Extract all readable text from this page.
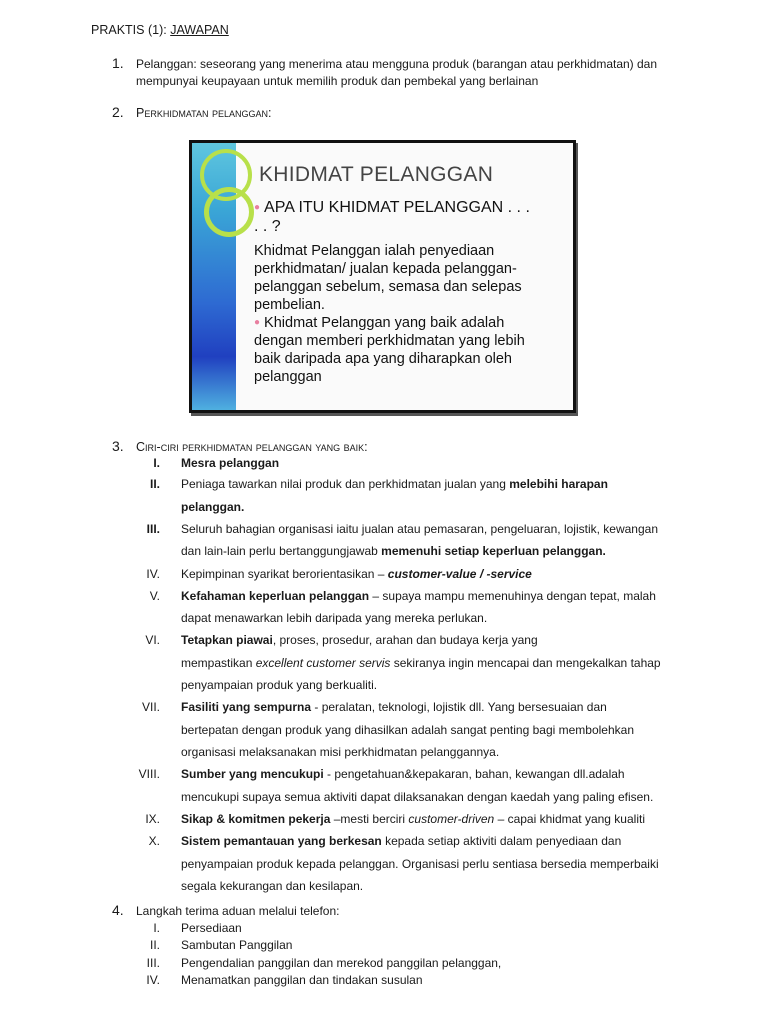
PRAKTIS (1): JAWAPAN
1. Pelanggan: seseorang yang menerima atau mengguna produk (barangan atau perkhidmatan) dan
mempunyai keupayaan untuk memilih produk dan pembekal yang berlainan
2. Perkhidmatan pelanggan:
KHIDMAT PELANGGAN

● APA ITU KHIDMAT PELANGGAN . . .

. . ?

Khidmat Pelanggan ialah penyediaan

perkhidmatan/ jualan kepada pelanggan-

pelanggan sebelum, semasa dan selepas

pembelian.

● Khidmat Pelanggan yang baik adalah

dengan memberi perkhidmatan yang lebih

baik daripada apa yang diharapkan oleh

pelanggan

3. Ciri-ciri perkhidmatan pelanggan yang baik:
I. Mesra pelanggan
II. Peniaga tawarkan nilai produk dan perkhidmatan jualan yang melebihi harapan
pelanggan.
III. Seluruh bahagian organisasi iaitu jualan atau pemasaran, pengeluaran, lojistik, kewangan
dan lain-lain perlu bertanggungjawab memenuhi setiap keperluan pelanggan.
IV. Kepimpinan syarikat berorientasikan – customer-value / -service
V. Kefahaman keperluan pelanggan – supaya mampu memenuhinya dengan tepat, malah
dapat menawarkan lebih daripada yang mereka perlukan.
VI. Tetapkan piawai, proses, prosedur, arahan dan budaya kerja yang
mempastikan excellent customer servis sekiranya ingin mencapai dan mengekalkan tahap
penyampaian produk yang berkualiti.
VII. Fasiliti yang sempurna - peralatan, teknologi, lojistik dll. Yang bersesuaian dan
bertepatan dengan produk yang dihasilkan adalah sangat penting bagi membolehkan
organisasi melaksanakan misi perkhidmatan pelanggannya.
VIII. Sumber yang mencukupi - pengetahuan&kepakaran, bahan, kewangan dll.adalah
mencukupi supaya semua aktiviti dapat dilaksanakan dengan kaedah yang paling efisen.
IX. Sikap & komitmen pekerja –mesti berciri customer-driven – capai khidmat yang kualiti
X. Sistem pemantauan yang berkesan kepada setiap aktiviti dalam penyediaan dan
penyampaian produk kepada pelanggan. Organisasi perlu sentiasa bersedia memperbaiki
segala kekurangan dan kesilapan.
4. Langkah terima aduan melalui telefon:
I. Persediaan
II. Sambutan Panggilan
III. Pengendalian panggilan dan merekod panggilan pelanggan,
IV. Menamatkan panggilan dan tindakan susulan
